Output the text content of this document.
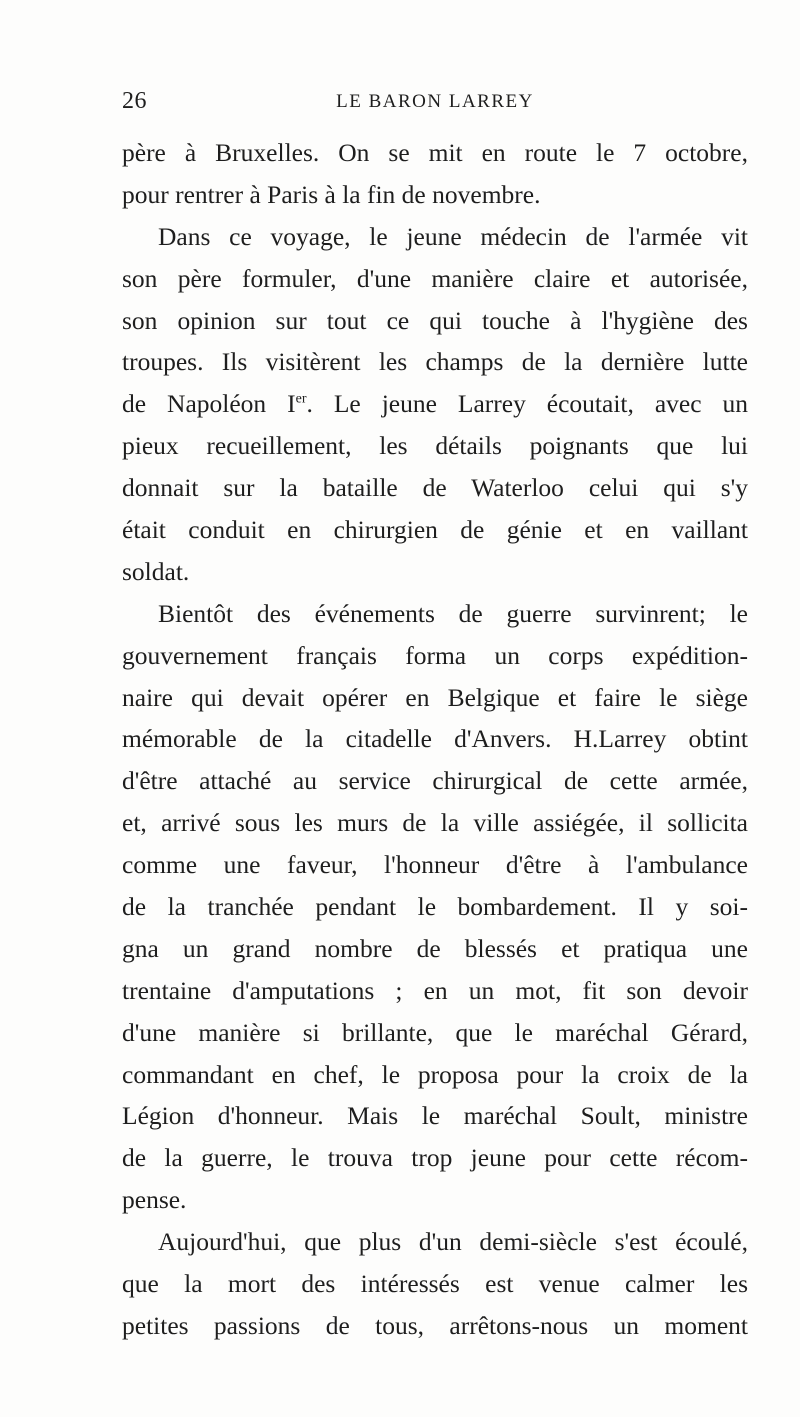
26	LE BARON LARREY
père à Bruxelles. On se mit en route le 7 octobre,
pour rentrer à Paris à la fin de novembre.
Dans ce voyage, le jeune médecin de l'armée vit
son père formuler, d'une manière claire et autorisée,
son opinion sur tout ce qui touche à l'hygiène des
troupes. Ils visitèrent les champs de la dernière lutte
de Napoléon Ier. Le jeune Larrey écoutait, avec un
pieux recueillement, les détails poignants que lui
donnait sur la bataille de Waterloo celui qui s'y
était conduit en chirurgien de génie et en vaillant
soldat.
Bientôt des événements de guerre survinrent; le
gouvernement français forma un corps expédition-
naire qui devait opérer en Belgique et faire le siège
mémorable de la citadelle d'Anvers. H.Larrey obtint
d'être attaché au service chirurgical de cette armée,
et, arrivé sous les murs de la ville assiégée, il sollicita
comme une faveur, l'honneur d'être à l'ambulance
de la tranchée pendant le bombardement. Il y soi-
gna un grand nombre de blessés et pratiqua une
trentaine d'amputations ; en un mot, fit son devoir
d'une manière si brillante, que le maréchal Gérard,
commandant en chef, le proposa pour la croix de la
Légion d'honneur. Mais le maréchal Soult, ministre
de la guerre, le trouva trop jeune pour cette récom-
pense.
Aujourd'hui, que plus d'un demi-siècle s'est écoulé,
que la mort des intéressés est venue calmer les
petites passions de tous, arrêtons-nous un moment
